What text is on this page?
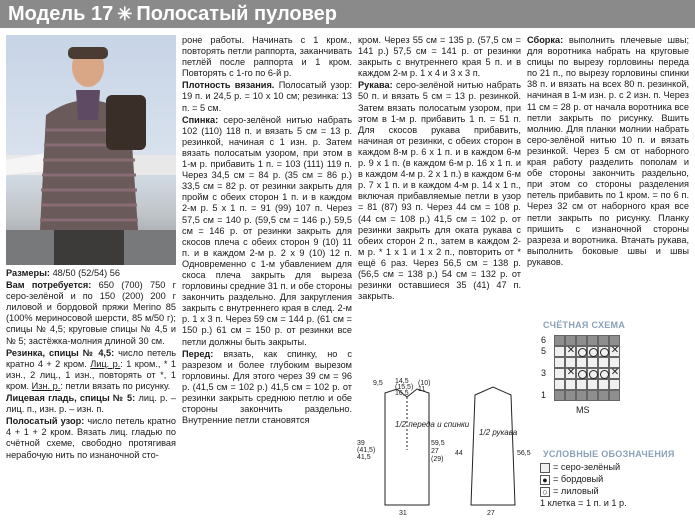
Модель 17 ✳ Полосатый пуловер

Размеры: 48/50 (52/54) 56

Вам потребуется: 650 (700) 750 г серо-зелёной и по 150 (200) 200 г лиловой и бордовой пряжи Merino 85 (100% мериносовой шерсти, 85 м/50 г); спицы № 4,5; круговые спицы № 4,5 и № 5; застёжка-молния длиной 30 см.

Резинка, спицы № 4,5: число петель кратно 4 + 2 кром. Лиц. р.: 1 кром., * 1 изн., 2 лиц., 1 изн., повторять от *, 1 кром. Изн. р.: петли вязать по рисунку.

Лицевая гладь, спицы № 5: лиц. р. – лиц. п., изн. р. – изн. п.

Полосатый узор: число петель кратно 4 + 1 + 2 кром. Вязать лиц. гладью по счётной схеме, свободно протягивая нерабочую нить по изнаночной сто-

роне работы. Начинать с 1 кром., повторять петли раппорта, заканчивать петлёй после раппорта и 1 кром. Повторять с 1-го по 6-й р.

Плотность вязания. Полосатый узор: 19 п. и 24,5 р. = 10 х 10 см; резинка: 13 п. = 5 см.

Спинка: серо-зелёной нитью набрать 102 (110) 118 п. и вязать 5 см = 13 р. резинкой, начиная с 1 изн. р. Затем вязать полосатым узором, при этом в 1-м р. прибавить 1 п. = 103 (111) 119 п. Через 34,5 см = 84 р. (35 см = 86 р.) 33,5 см = 82 р. от резинки закрыть для пройм с обеих сторон 1 п. и в каждом 2-м р. 5 х 1 п. = 91 (99) 107 п. Через 57,5 см = 140 р. (59,5 см = 146 р.) 59,5 см = 146 р. от резинки закрыть для скосов плеча с обеих сторон 9 (10) 11 п. и в каждом 2-м р. 2 х 9 (10) 12 п. Одновременно с 1-м убавлением для скоса плеча закрыть для выреза горловины средние 31 п. и обе стороны закончить раздельно. Для закругления закрыть с внутреннего края в след. 2-м р. 1 х 3 п. Через 59 см = 144 р. (61 см = 150 р.) 61 см = 150 р. от резинки все петли должны быть закрыты.

Перед: вязать, как спинку, но с разрезом и более глубоким вырезом горловины. Для этого через 39 см = 96 р. (41,5 см = 102 р.) 41,5 см = 102 р. от резинки закрыть среднюю петлю и обе стороны закончить раздельно. Внутренние петли становятся

кром. Через 55 см = 135 р. (57,5 см = 141 р.) 57,5 см = 141 р. от резинки закрыть с внутреннего края 5 п. и в каждом 2-м р. 1 х 4 и 3 х 3 п.

Рукава: серо-зелёной нитью набрать 50 п. и вязать 5 см = 13 р. резинкой. Затем вязать полосатым узором, при этом в 1-м р. прибавить 1 п. = 51 п. Для скосов рукава прибавить, начиная от резинки, с обеих сторон в каждом 8-м р. 6 х 1 п. и в каждом 6-м р. 9 х 1 п. (в каждом 6-м р. 16 х 1 п. и в каждом 4-м р. 2 х 1 п.) в каждом 6-м р. 7 х 1 п. и в каждом 4-м р. 14 х 1 п., включая прибавляемые петли в узор = 81 (87) 93 п. Через 44 см = 108 р. (44 см = 108 р.) 41,5 см = 102 р. от резинки закрыть для оката рукава с обеих сторон 2 п., затем в каждом 2-м р. * 1 х 1 и 1 х 2 п., повторить от * ещё 6 раз. Через 56,5 см = 138 р. (56,5 см = 138 р.) 54 см = 132 р. от резинки оставшиеся 35 (41) 47 п. закрыть.

Сборка: выполнить плечевые швы; для воротника набрать на круговые спицы по вырезу горловины переда по 21 п., по вырезу горловины спинки 38 п. и вязать на всех 80 п. резинкой, начиная в 1-м изн. р. с 2 изн. п. Через 11 см = 28 р. от начала воротника все петли закрыть по рисунку. Вшить молнию. Для планки молнии набрать серо-зелёной нитью 10 п. и вязать резинкой. Через 5 см от наборного края работу разделить пополам и обе стороны закончить раздельно, при этом со стороны разделения петель прибавить по 1 кром. = по 6 п. Через 32 см от наборного края все петли закрыть по рисунку. Планку пришить с изнаночной стороны разреза и воротника. Втачать рукава, выполнить боковые швы и швы рукавов.

СЧЁТНАЯ СХЕМА
✕
✕
✕
✕
6
5
3
1
MS
УСЛОВНЫЕ ОБОЗНАЧЕНИЯ
= серо-зелёный
● = бордовый
○ = лиловый
1 клетка = 1 п. и 1 р.
14,5
(15,5)
16,5
9,5	(10)
11
1/2 переда и спинки
1/2 рукава
39
(41,5)
41,5
59,5
27
(29)
31
44	56,5
27
